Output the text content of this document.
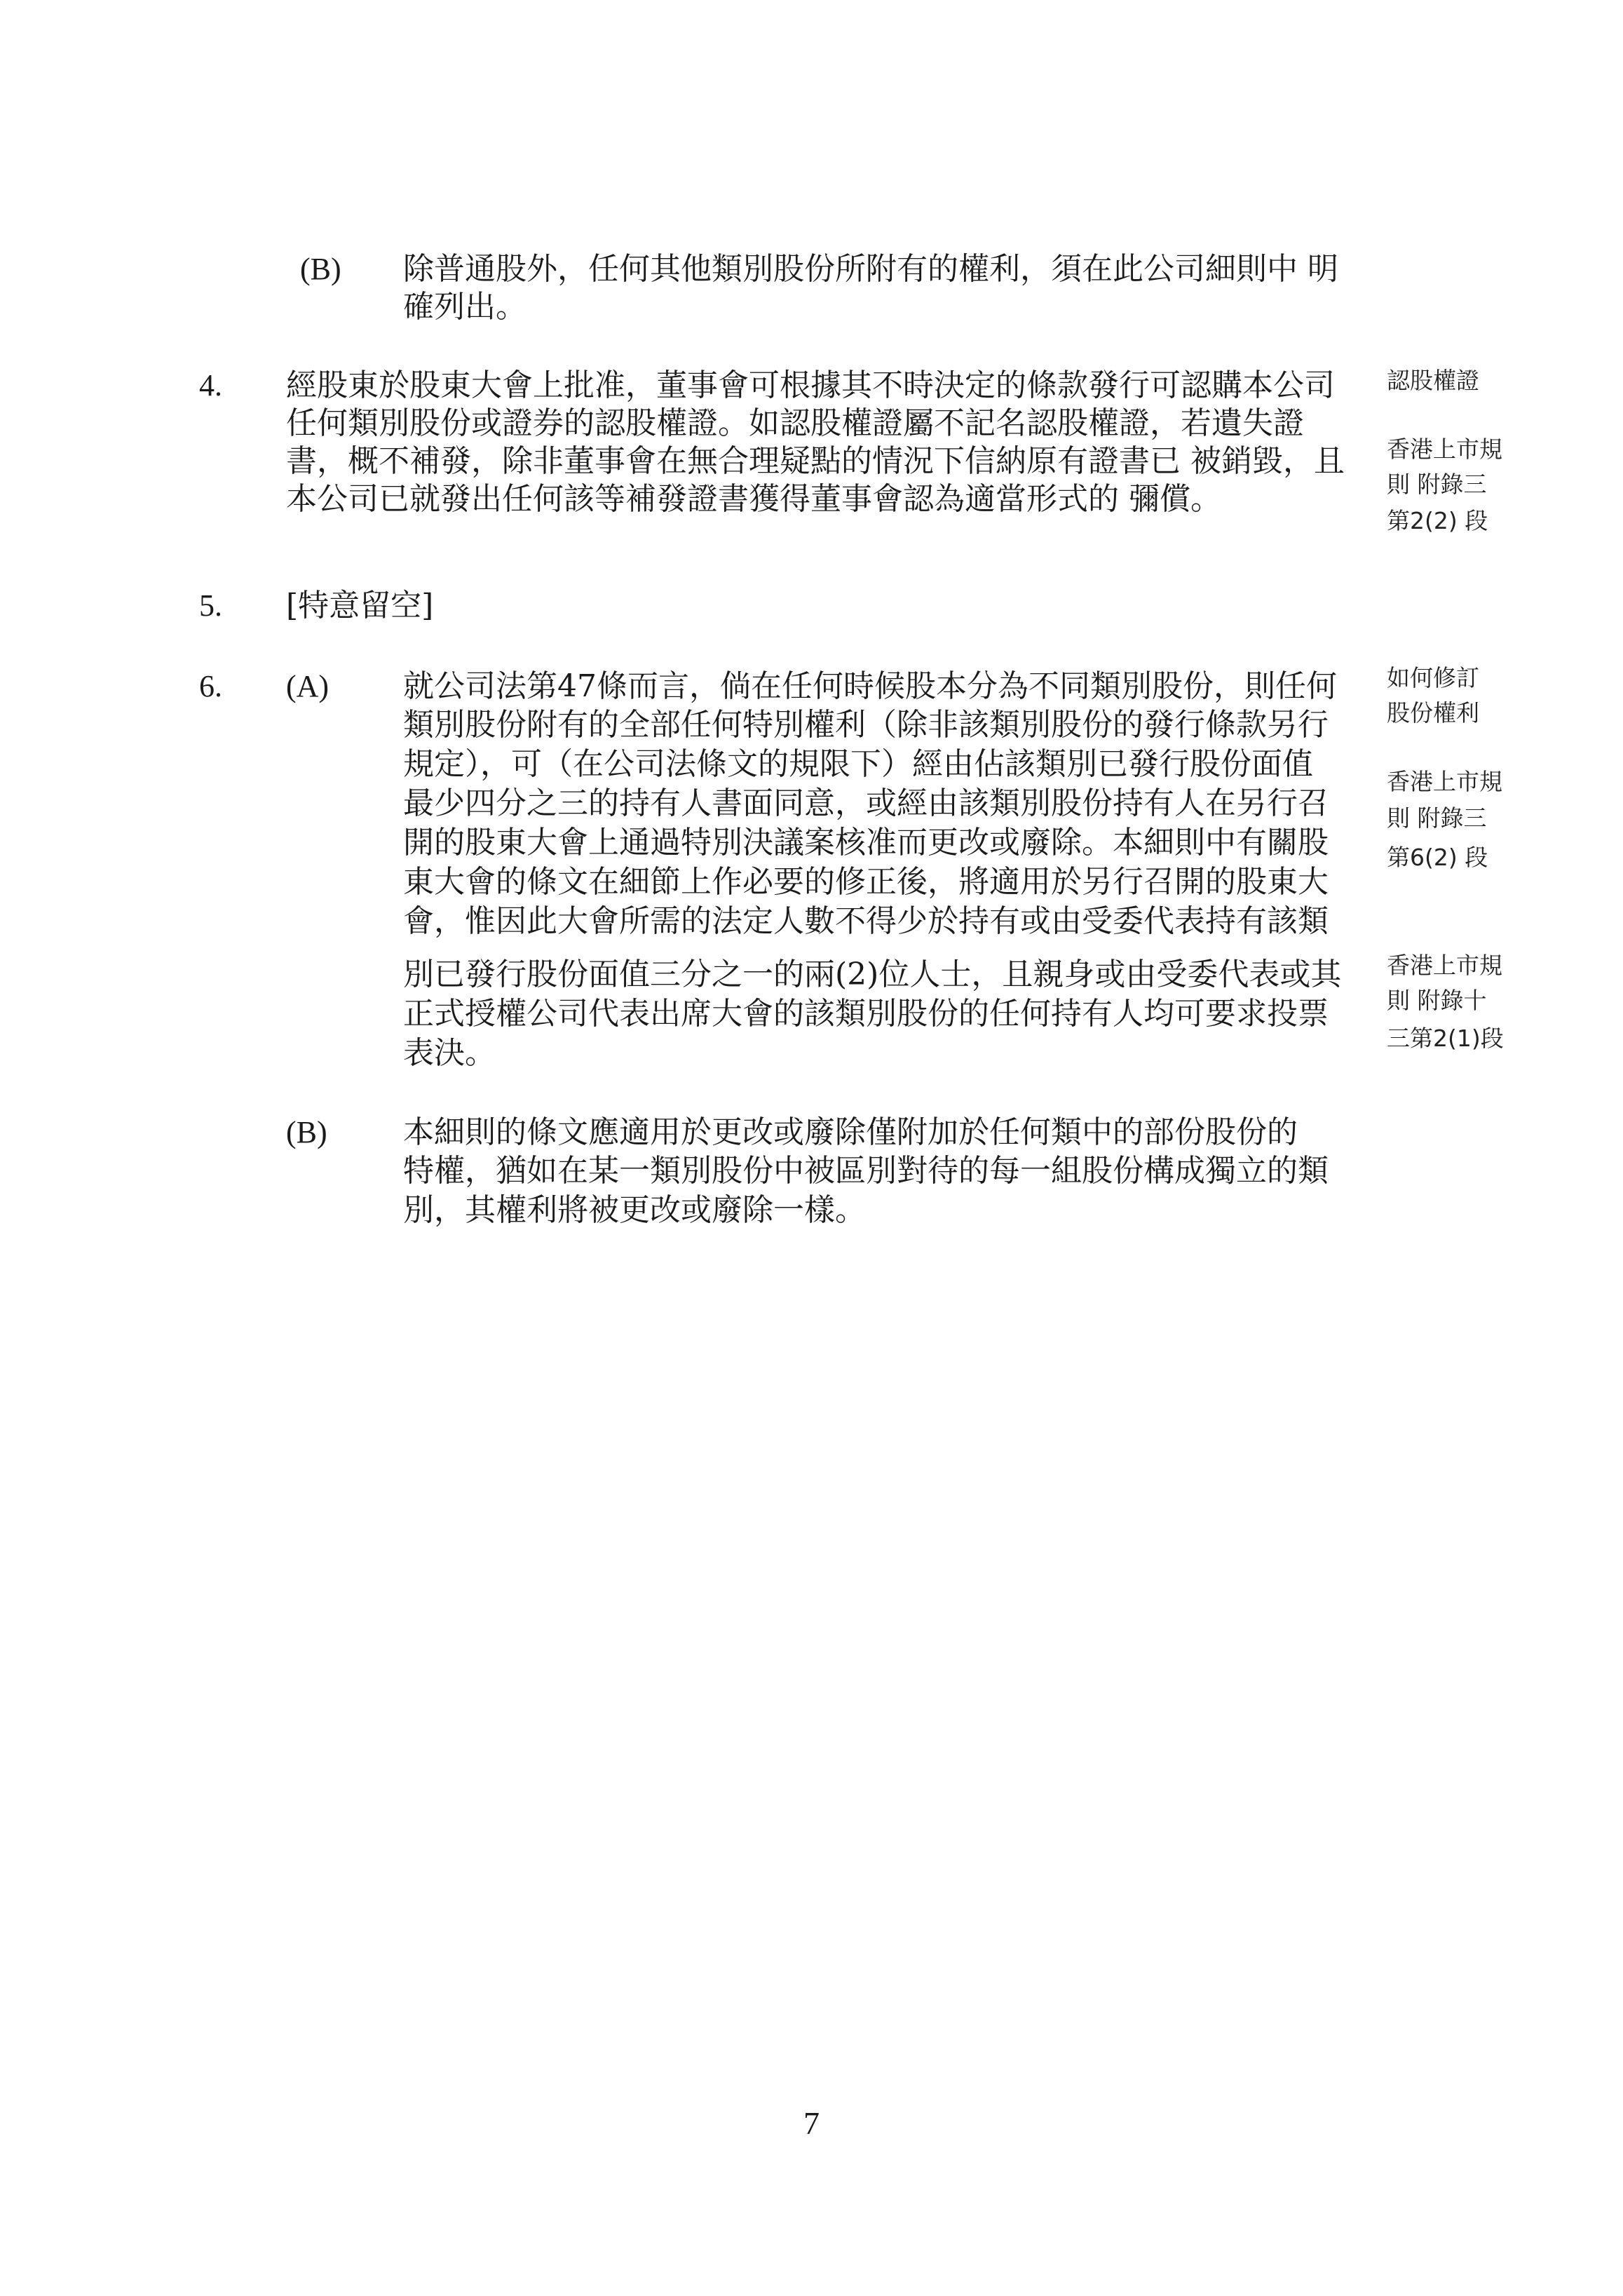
(B) 除普通股外，任何其他類別股份所附有的權利，須在此公司細則中 明
確列出。
4. 經股東於股東大會上批准，董事會可根據其不時決定的條款發行可認購本公司
任何類別股份或證券的認股權證。如認股權證屬不記名認股權證，若遺失證
書，概不補發，除非董事會在無合理疑點的情況下信納原有證書已 被銷毀，且
本公司已就發出任何該等補發證書獲得董事會認為適當形式的 彌償。
認股權證
香港上市規
則 附錄三
第2(2) 段
5. [特意留空]
6. (A) 就公司法第47條而言，倘在任何時候股本分為不同類別股份，則任何
類別股份附有的全部任何特別權利（除非該類別股份的發行條款另行
規定），可（在公司法條文的規限下）經由佔該類別已發行股份面值
最少四分之三的持有人書面同意，或經由該類別股份持有人在另行召
開的股東大會上通過特別決議案核准而更改或廢除。本細則中有關股
東大會的條文在細節上作必要的修正後，將適用於另行召開的股東大
會，惟因此大會所需的法定人數不得少於持有或由受委代表持有該類
別已發行股份面值三分之一的兩(2)位人士，且親身或由受委代表或其
正式授權公司代表出席大會的該類別股份的任何持有人均可要求投票
表決。
(B) 本細則的條文應適用於更改或廢除僅附加於任何類中的部份股份的
特權，猶如在某一類別股份中被區別對待的每一組股份構成獨立的類
別，其權利將被更改或廢除一樣。
如何修訂
股份權利
香港上市規
則 附錄三
第6(2) 段
香港上市規
則 附錄十
三第2(1)段
7
